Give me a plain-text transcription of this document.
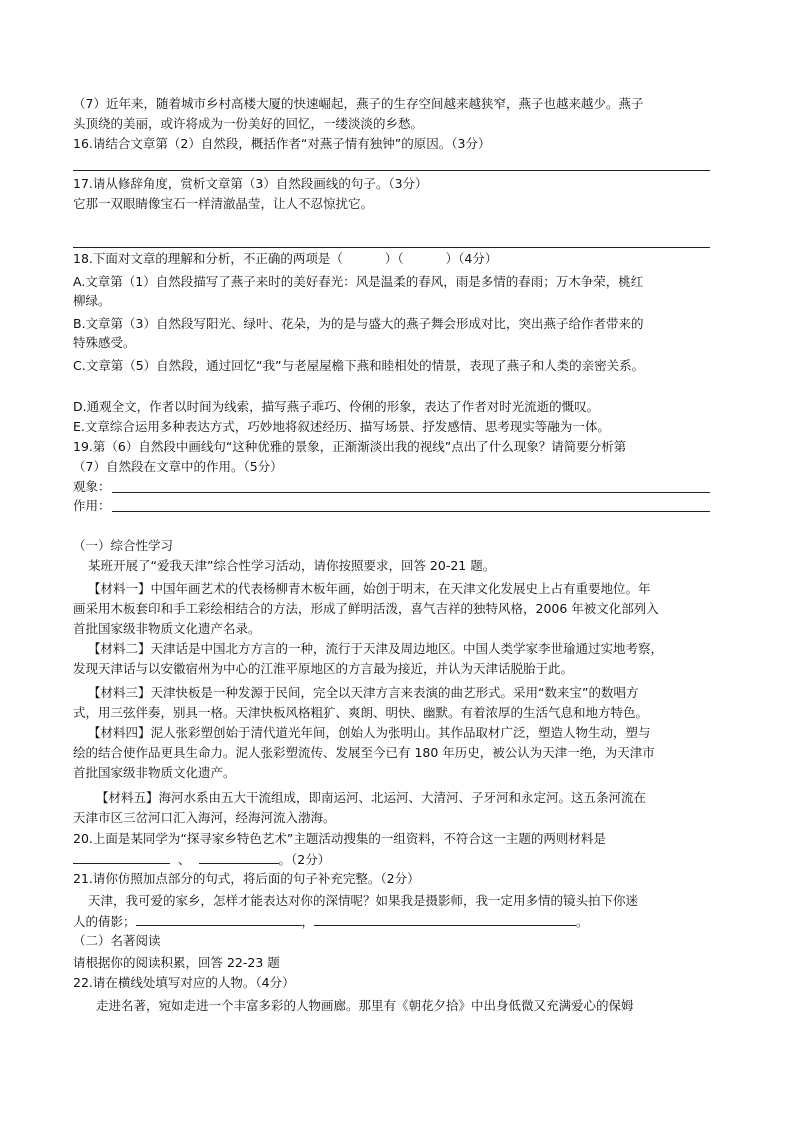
（7）近年来，随着城市乡村高楼大厦的快速崛起，燕子的生存空间越来越狭窄，燕子也越来越少。燕子
头顶绕的美丽，或许将成为一份美好的回忆，一缕淡淡的乡愁。
16.请结合文章第（2）自然段，概括作者“对燕子情有独钟”的原因。（3分）
17.请从修辞角度，赏析文章第（3）自然段画线的句子。（3分）
它那一双眼睛像宝石一样清澈晶莹，让人不忍惊扰它。
18.下面对文章的理解和分析，不正确的两项是（	）（	）（4分）
A.文章第（1）自然段描写了燕子来时的美好春光：风是温柔的春风，雨是多情的春雨；万木争荣，桃红
柳绿。
B.文章第（3）自然段写阳光、绿叶、花朵，为的是与盛大的燕子舞会形成对比，突出燕子给作者带来的
特殊感受。
C.文章第（5）自然段，通过回忆“我”与老屋屋檐下燕和睦相处的情景，表现了燕子和人类的亲密关系。
D.通观全文，作者以时间为线索，描写燕子乖巧、伶俐的形象，表达了作者对时光流逝的慨叹。
E.文章综合运用多种表达方式，巧妙地将叙述经历、描写场景、抒发感情、思考现实等融为一体。
19.第（6）自然段中画线句“这种优雅的景象，正渐渐淡出我的视线”点出了什么现象？请简要分析第
（7）自然段在文章中的作用。（5分）
观象：
作用：
（一）综合性学习
某班开展了“爱我天津”综合性学习活动，请你按照要求，回答 20-21 题。
【材料一】中国年画艺术的代表杨柳青木板年画，始创于明末，在天津文化发展史上占有重要地位。年
画采用木板套印和手工彩绘相结合的方法，形成了鲜明活泼，喜气吉祥的独特风格，2006 年被文化部列入
首批国家级非物质文化遗产名录。
【材料二】天津话是中国北方方言的一种，流行于天津及周边地区。中国人类学家李世瑜通过实地考察，
发现天津话与以安徽宿州为中心的江淮平原地区的方言最为接近，并认为天津话脱胎于此。
【材料三】天津快板是一种发源于民间，完全以天津方言来表演的曲艺形式。采用“数来宝”的数唱方
式，用三弦伴奏，别具一格。天津快板风格粗犷、爽朗、明快、幽默。有着浓厚的生活气息和地方特色。
【材料四】泥人张彩塑创始于清代道光年间，创始人为张明山。其作品取材广泛，塑造人物生动，塑与
绘的结合使作品更具生命力。泥人张彩塑流传、发展至今已有 180 年历史，被公认为天津一绝，为天津市
首批国家级非物质文化遗产。
【材料五】海河水系由五大干流组成，即南运河、北运河、大清河、子牙河和永定河。这五条河流在
天津市区三岔河口汇入海河，经海河流入渤海。
20.上面是某同学为“探寻家乡特色艺术”主题活动搜集的一组资料，不符合这一主题的两则材料是
、	。（2分）
21.请你仿照加点部分的句式，将后面的句子补充完整。（2分）
天津，我可爱的家乡，怎样才能表达对你的深情呢？如果我是摄影师，我一定用多情的镜头拍下你迷
人的倩影；	，	。
（二）名著阅读
请根据你的阅读积累，回答 22-23 题
22.请在横线处填写对应的人物。（4分）
走进名著，宛如走进一个丰富多彩的人物画廊。那里有《朝花夕拾》中出身低微又充满爱心的保姆
